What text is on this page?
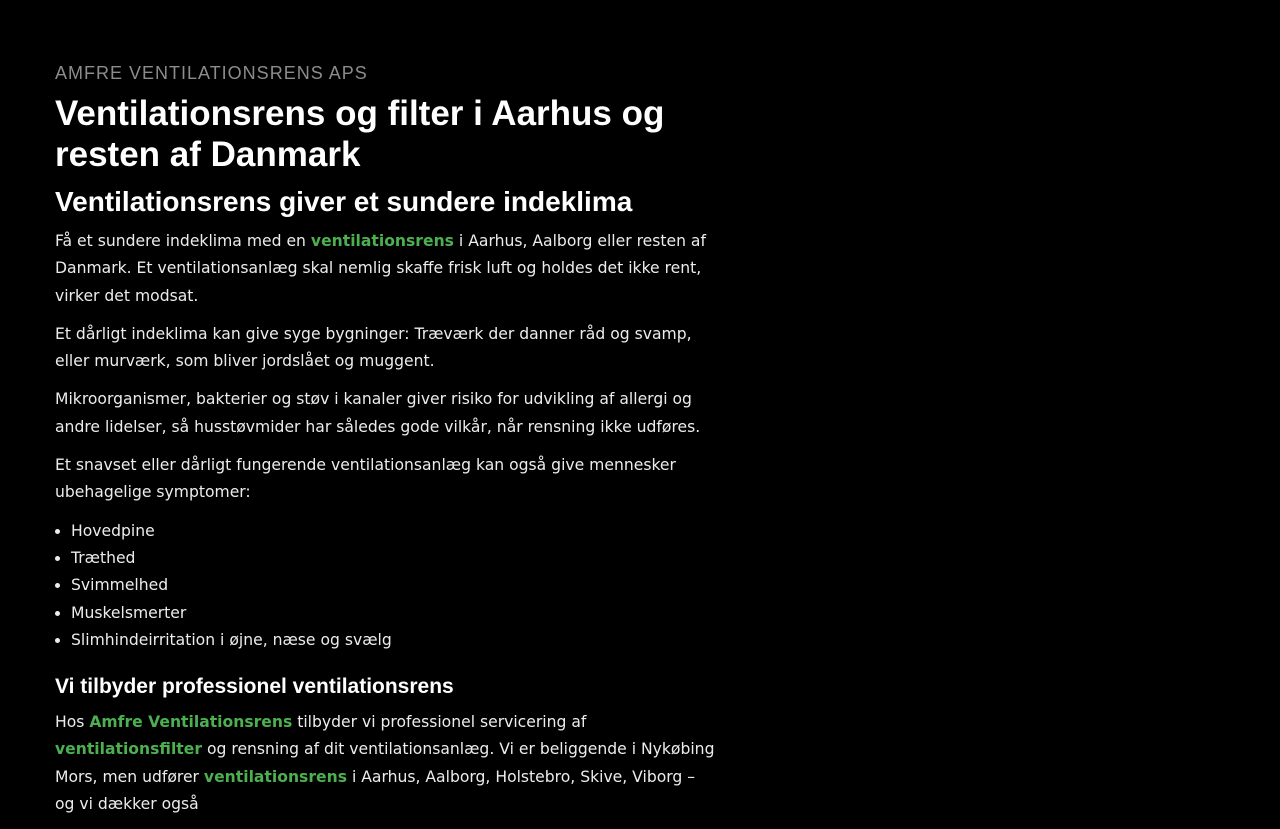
AMFRE VENTILATIONSRENS APS
Ventilationsrens og filter i Aarhus og resten af Danmark
Ventilationsrens giver et sundere indeklima

Få et sundere indeklima med en ventilationsrens i Aarhus, Aalborg eller resten af Danmark. Et ventilationsanlæg skal nemlig skaffe frisk luft og holdes det ikke rent, virker det modsat.

Et dårligt indeklima kan give syge bygninger: Træværk der danner råd og svamp, eller murværk, som bliver jordslået og muggent.

Mikroorganismer, bakterier og støv i kanaler giver risiko for udvikling af allergi og andre lidelser, så husstøvmider har således gode vilkår, når rensning ikke udføres.

Et snavset eller dårligt fungerende ventilationsanlæg kan også give mennesker ubehagelige symptomer:

• Hovedpine
• Træthed
• Svimmelhed
• Muskelsmerter
• Slimhindeirritation i øjne, næse og svælg
Vi tilbyder professionel ventilationsrens

Hos Amfre Ventilationsrens tilbyder vi professionel servicering af ventilationsfilter og rensning af dit ventilationsanlæg. Vi er beliggende i Nykøbing Mors, men udfører ventilationsrens i Aarhus, Aalborg, Holstebro, Skive, Viborg – og vi dækker også
